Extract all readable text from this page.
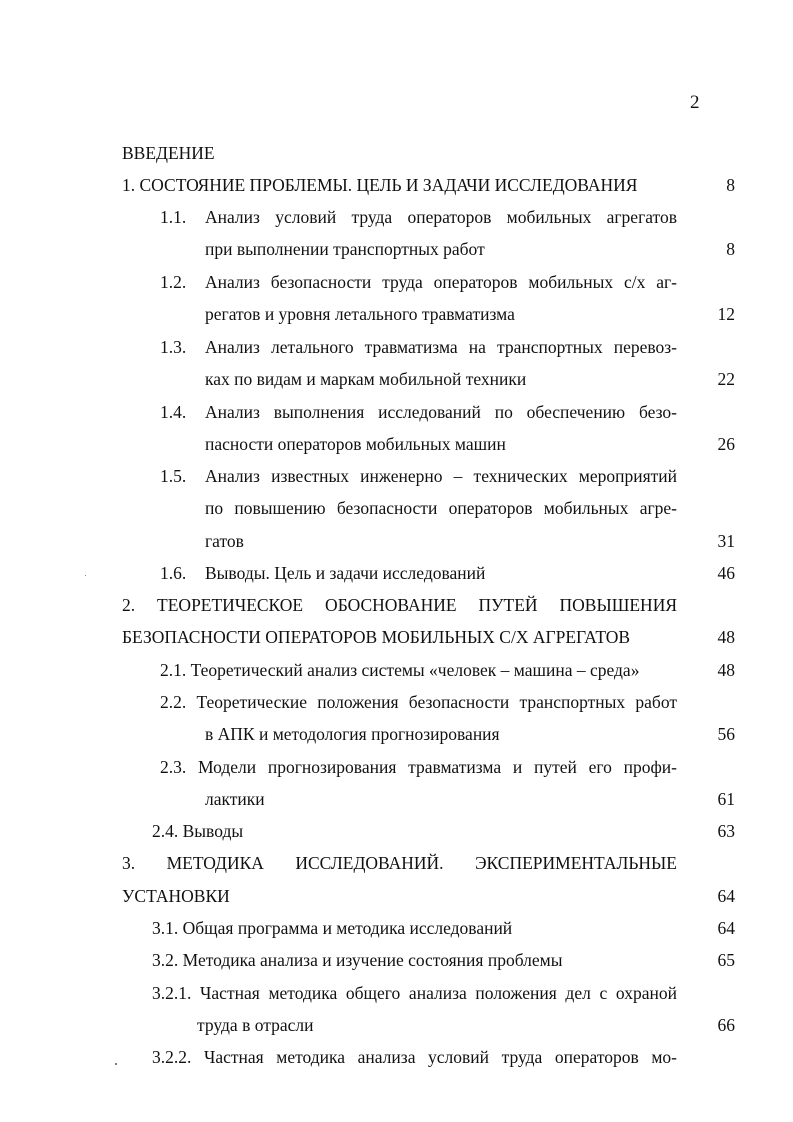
2
ВВЕДЕНИЕ
1. СОСТОЯНИЕ ПРОБЛЕМЫ. ЦЕЛЬ И ЗАДАЧИ ИССЛЕДОВАНИЯ	8
1.1. Анализ условий труда операторов мобильных агрегатов
при выполнении транспортных работ	8
1.2. Анализ безопасности труда операторов мобильных с/х аг-
регатов и уровня летального травматизма	12
1.3. Анализ летального травматизма на транспортных перевоз-
ках по видам и маркам мобильной техники	22
1.4. Анализ выполнения исследований по обеспечению безо-
пасности операторов мобильных машин	26
1.5. Анализ известных инженерно – технических мероприятий
по повышению безопасности операторов мобильных агре-
гатов	31
1.6. Выводы. Цель и задачи исследований	46
2. ТЕОРЕТИЧЕСКОЕ ОБОСНОВАНИЕ ПУТЕЙ ПОВЫШЕНИЯ
БЕЗОПАСНОСТИ ОПЕРАТОРОВ МОБИЛЬНЫХ С/Х АГРЕГАТОВ	48
2.1. Теоретический анализ системы «человек – машина – среда»	48
2.2. Теоретические положения безопасности транспортных работ
в АПК и методология прогнозирования	56
2.3. Модели прогнозирования травматизма и путей его профи-
лактики	61
2.4. Выводы	63
3. МЕТОДИКА ИССЛЕДОВАНИЙ. ЭКСПЕРИМЕНТАЛЬНЫЕ
УСТАНОВКИ	64
3.1. Общая программа и методика исследований	64
3.2. Методика анализа и изучение состояния проблемы	65
3.2.1. Частная методика общего анализа положения дел с охраной
труда в отрасли	66
3.2.2. Частная методика анализа условий труда операторов мо-
